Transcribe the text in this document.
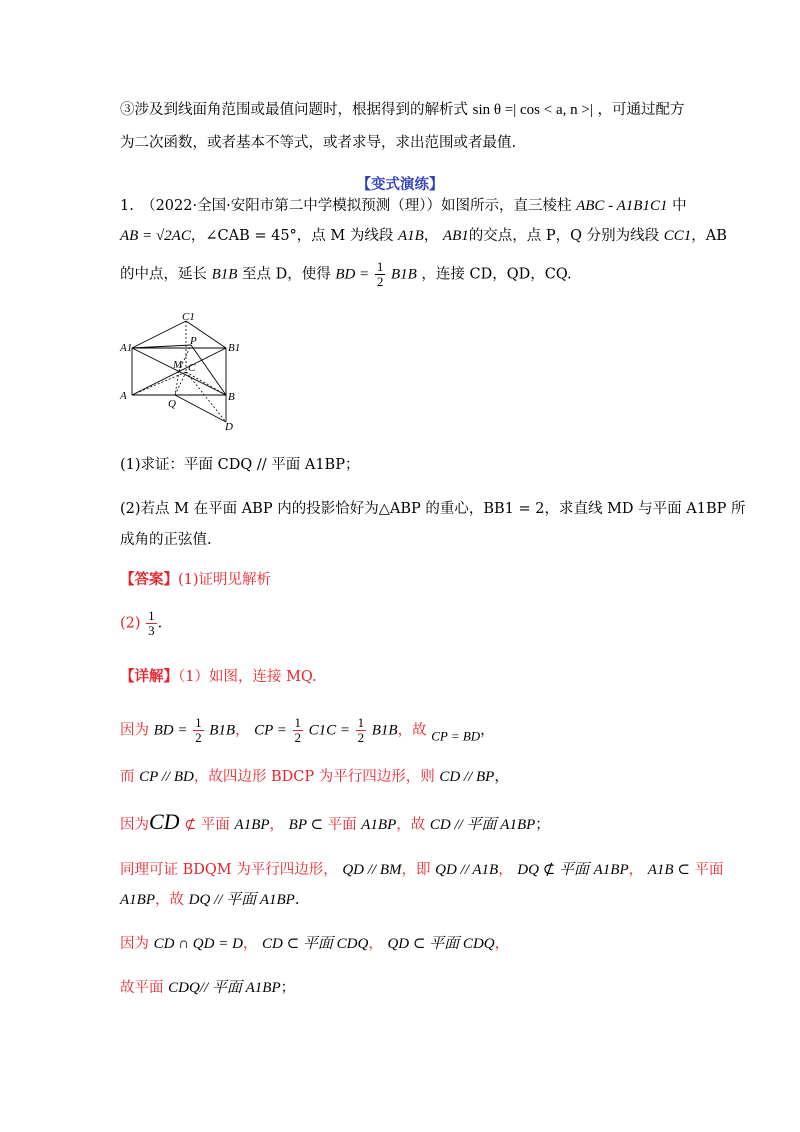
③涉及到线面角范围或最值问题时，根据得到的解析式 sin θ =| cos < a, n >| ，可通过配方
为二次函数，或者基本不等式，或者求导，求出范围或者最值.
【变式演练】
1.　（2022·全国·安阳市第二中学模拟预测（理））如图所示，直三棱柱 ABC - A1B1C1 中
AB = √2AC，∠CAB = 45°，点 M 为线段 A1B， AB1的交点，点 P，Q 分别为线段 CC1，AB
的中点，延长 B1B 至点 D，使得 BD = $\frac{1}{2} B1B$ ，连接 CD，QD，CQ.
C1
A1	B1
P
M C
A
Q
B
D
(1)求证：平面 CDQ // 平面 A1BP；
(2)若点 M 在平面 ABP 内的投影恰好为△ABP 的重心，BB1 = 2，求直线 MD 与平面 A1BP 所
成角的正弦值.
【答案】(1)证明见解析
$(2) \frac{1}{3}$ .
【详解】（1）如图，连接 MQ.
因为 BD = $\frac{1}{2} B1B$， CP = $\frac{1}{2} C1C = \frac{1}{2} B1B$，故 CP = BD，
而 CP // BD，故四边形 BDCP 为平行四边形，则 CD // BP，
因为CD ⊄ 平面 A1BP， BP ⊂ 平面 A1BP，故 CD // 平面 A1BP；
同理可证 BDQM 为平行四边形， QD // BM，即 QD // A1B， DQ ⊄ 平面 A1BP， A1B ⊂ 平面
A1BP，故 DQ // 平面 A1BP.
因为 CD ∩ QD = D， CD ⊂ 平面 CDQ， QD ⊂ 平面 CDQ，
故平面 CDQ// 平面 A1BP；
